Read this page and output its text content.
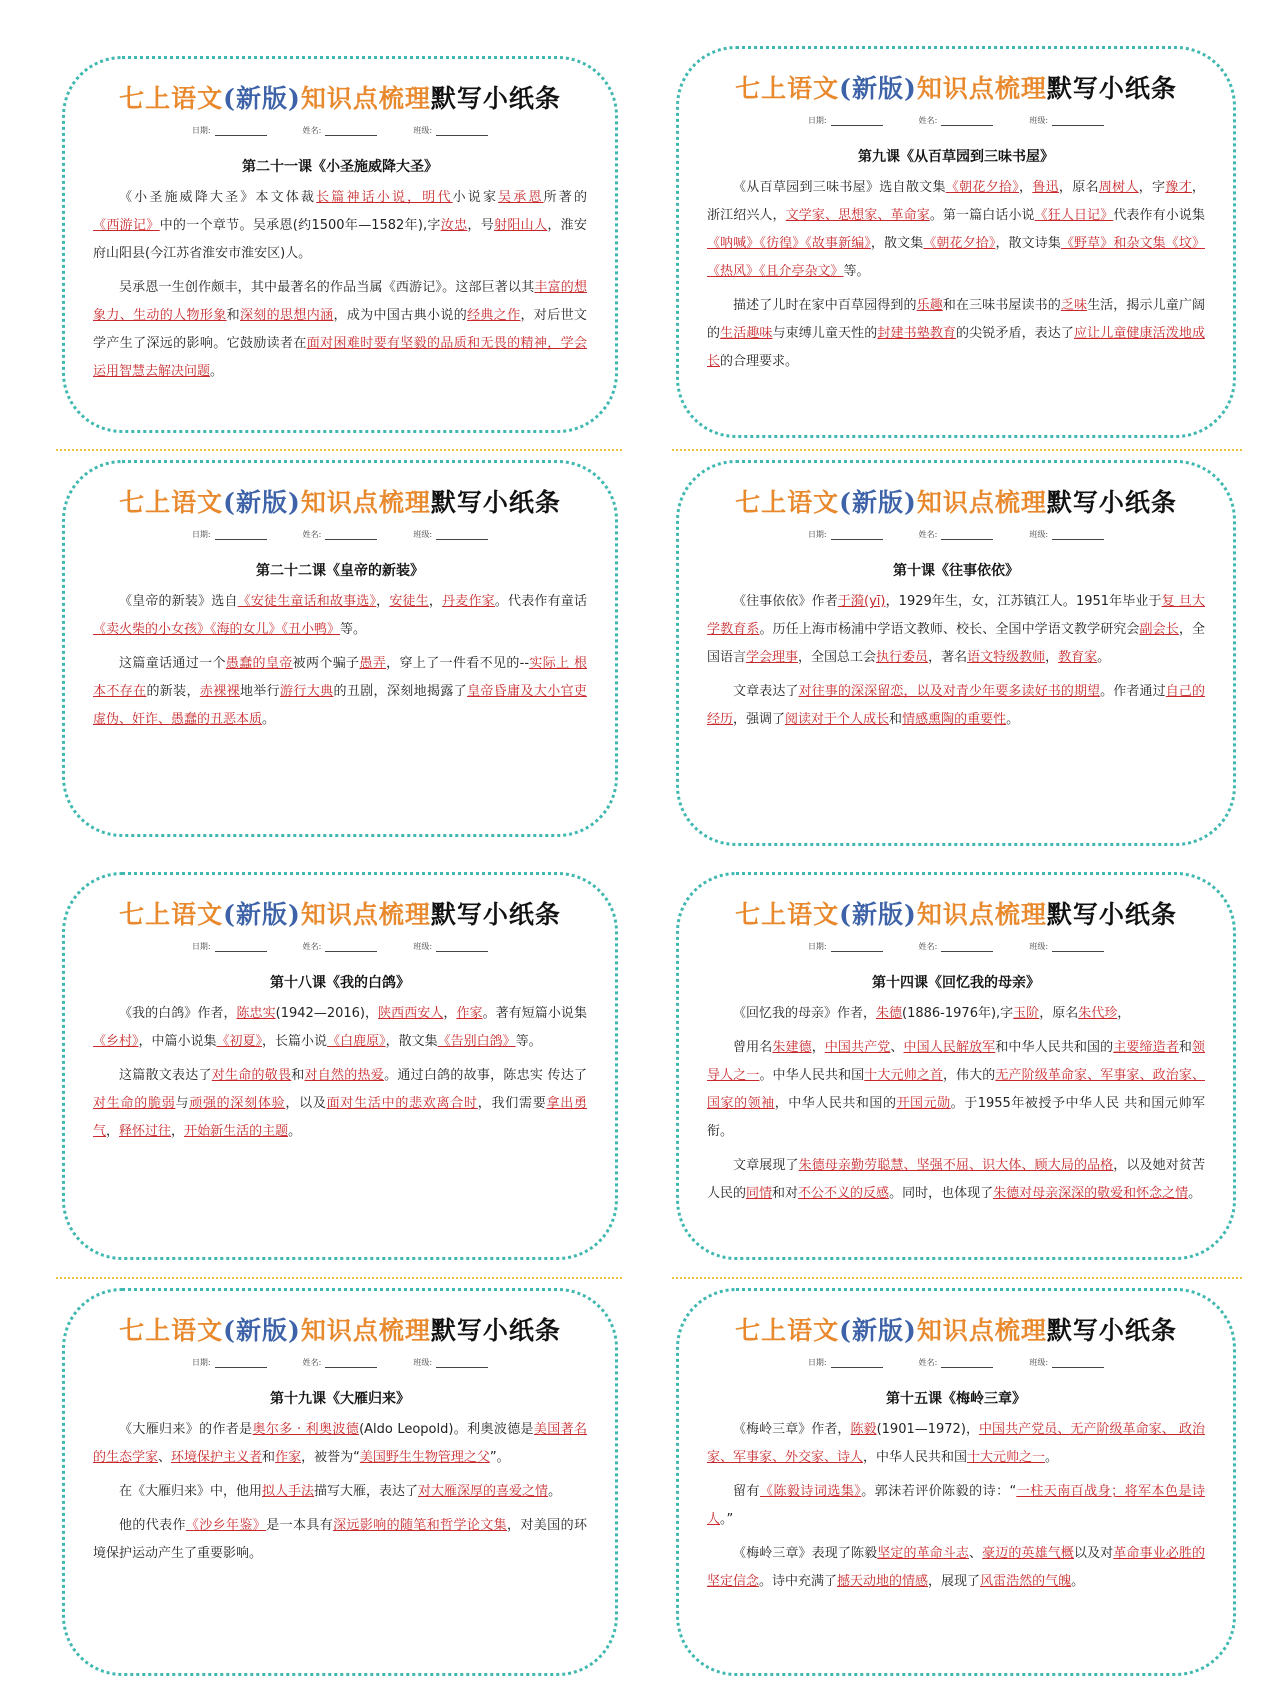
七上语文(新版)知识点梳理默写小纸条
日期:	姓名:	班级:
第二十一课《小圣施威降大圣》

《小圣施威降大圣》本文体裁长篇神话小说，明代小说家吴承恩所著的《西游记》中的一个章节。吴承恩(约1500年—1582年),字汝忠，号射阳山人，淮安府山阳县(今江苏省淮安市淮安区)人。

吴承恩一生创作颇丰，其中最著名的作品当属《西游记》。这部巨著以其丰富的想象力、生动的人物形象和深刻的思想内涵，成为中国古典小说的经典之作，对后世文学产生了深远的影响。它鼓励读者在面对困难时要有坚毅的品质和无畏的精神，学会运用智慧去解决问题。

七上语文(新版)知识点梳理默写小纸条
日期:	姓名:	班级:
第九课《从百草园到三味书屋》

《从百草园到三味书屋》选自散文集《朝花夕拾》，鲁迅，原名周树人，字豫才，浙江绍兴人，文学家、思想家、革命家。第一篇白话小说《狂人日记》代表作有小说集《呐喊》《彷徨》《故事新编》，散文集《朝花夕拾》，散文诗集《野草》和杂文集《坟》《热风》《且介亭杂文》等。

描述了儿时在家中百草园得到的乐趣和在三味书屋读书的乏味生活，揭示儿童广阔的生活趣味与束缚儿童天性的封建书塾教育的尖锐矛盾，表达了应让儿童健康活泼地成长的合理要求。

七上语文(新版)知识点梳理默写小纸条
日期:	姓名:	班级:
第二十二课《皇帝的新装》

《皇帝的新装》选自《安徒生童话和故事选》，安徒生，丹麦作家。代表作有童话《卖火柴的小女孩》《海的女儿》《丑小鸭》等。

这篇童话通过一个愚蠢的皇帝被两个骗子愚弄，穿上了一件看不见的--实际上 根本不存在的新装，赤裸裸地举行游行大典的丑剧，深刻地揭露了皇帝昏庸及大小官吏虚伪、奸诈、愚蠢的丑恶本质。

七上语文(新版)知识点梳理默写小纸条
日期:	姓名:	班级:
第十课《往事依依》

《往事依依》作者于漪(yī)，1929年生，女，江苏镇江人。1951年毕业于复 旦大学教育系。历任上海市杨浦中学语文教师、校长、全国中学语文教学研究会副会长，全国语言学会理事，全国总工会执行委员，著名语文特级教师，教育家。

文章表达了对往事的深深留恋，以及对青少年要多读好书的期望。作者通过自己的经历，强调了阅读对于个人成长和情感熏陶的重要性。

七上语文(新版)知识点梳理默写小纸条
日期:	姓名:	班级:
第十八课《我的白鸽》

《我的白鸽》作者，陈忠实(1942—2016)，陕西西安人，作家。著有短篇小说集《乡村》，中篇小说集《初夏》，长篇小说《白鹿原》，散文集《告别白鸽》等。

这篇散文表达了对生命的敬畏和对自然的热爱。通过白鸽的故事，陈忠实 传达了对生命的脆弱与顽强的深刻体验，以及面对生活中的悲欢离合时，我们需要拿出勇气，释怀过往，开始新生活的主题。

七上语文(新版)知识点梳理默写小纸条
日期:	姓名:	班级:
第十四课《回忆我的母亲》

《回忆我的母亲》作者，朱德(1886-1976年),字玉阶，原名朱代珍，

曾用名朱建德，中国共产党、中国人民解放军和中华人民共和国的主要缔造者和领导人之一。中华人民共和国十大元帅之首，伟大的无产阶级革命家、军事家、政治家、国家的领袖，中华人民共和国的开国元勋。于1955年被授予中华人民 共和国元帅军衔。

文章展现了朱德母亲勤劳聪慧、坚强不屈、识大体、顾大局的品格，以及她对贫苦人民的同情和对不公不义的反感。同时，也体现了朱德对母亲深深的敬爱和怀念之情。

七上语文(新版)知识点梳理默写小纸条
日期:	姓名:	班级:
第十九课《大雁归来》

《大雁归来》的作者是奥尔多 · 利奥波德(Aldo Leopold)。利奥波德是美国著名的生态学家、环境保护主义者和作家，被誉为“美国野生生物管理之父”。

在《大雁归来》中，他用拟人手法描写大雁，表达了对大雁深厚的喜爱之情。

他的代表作《沙乡年鉴》是一本具有深远影响的随笔和哲学论文集，对美国的环境保护运动产生了重要影响。

七上语文(新版)知识点梳理默写小纸条
日期:	姓名:	班级:
第十五课《梅岭三章》

《梅岭三章》作者，陈毅(1901—1972)，中国共产党员、无产阶级革命家、 政治家、军事家、外交家、诗人，中华人民共和国十大元帅之一。

留有《陈毅诗词选集》。郭沫若评价陈毅的诗：“一柱天南百战身；将军本色是诗人。”

《梅岭三章》表现了陈毅坚定的革命斗志、豪迈的英雄气概以及对革命事业必胜的坚定信念。诗中充满了撼天动地的情感，展现了风雷浩然的气魄。
